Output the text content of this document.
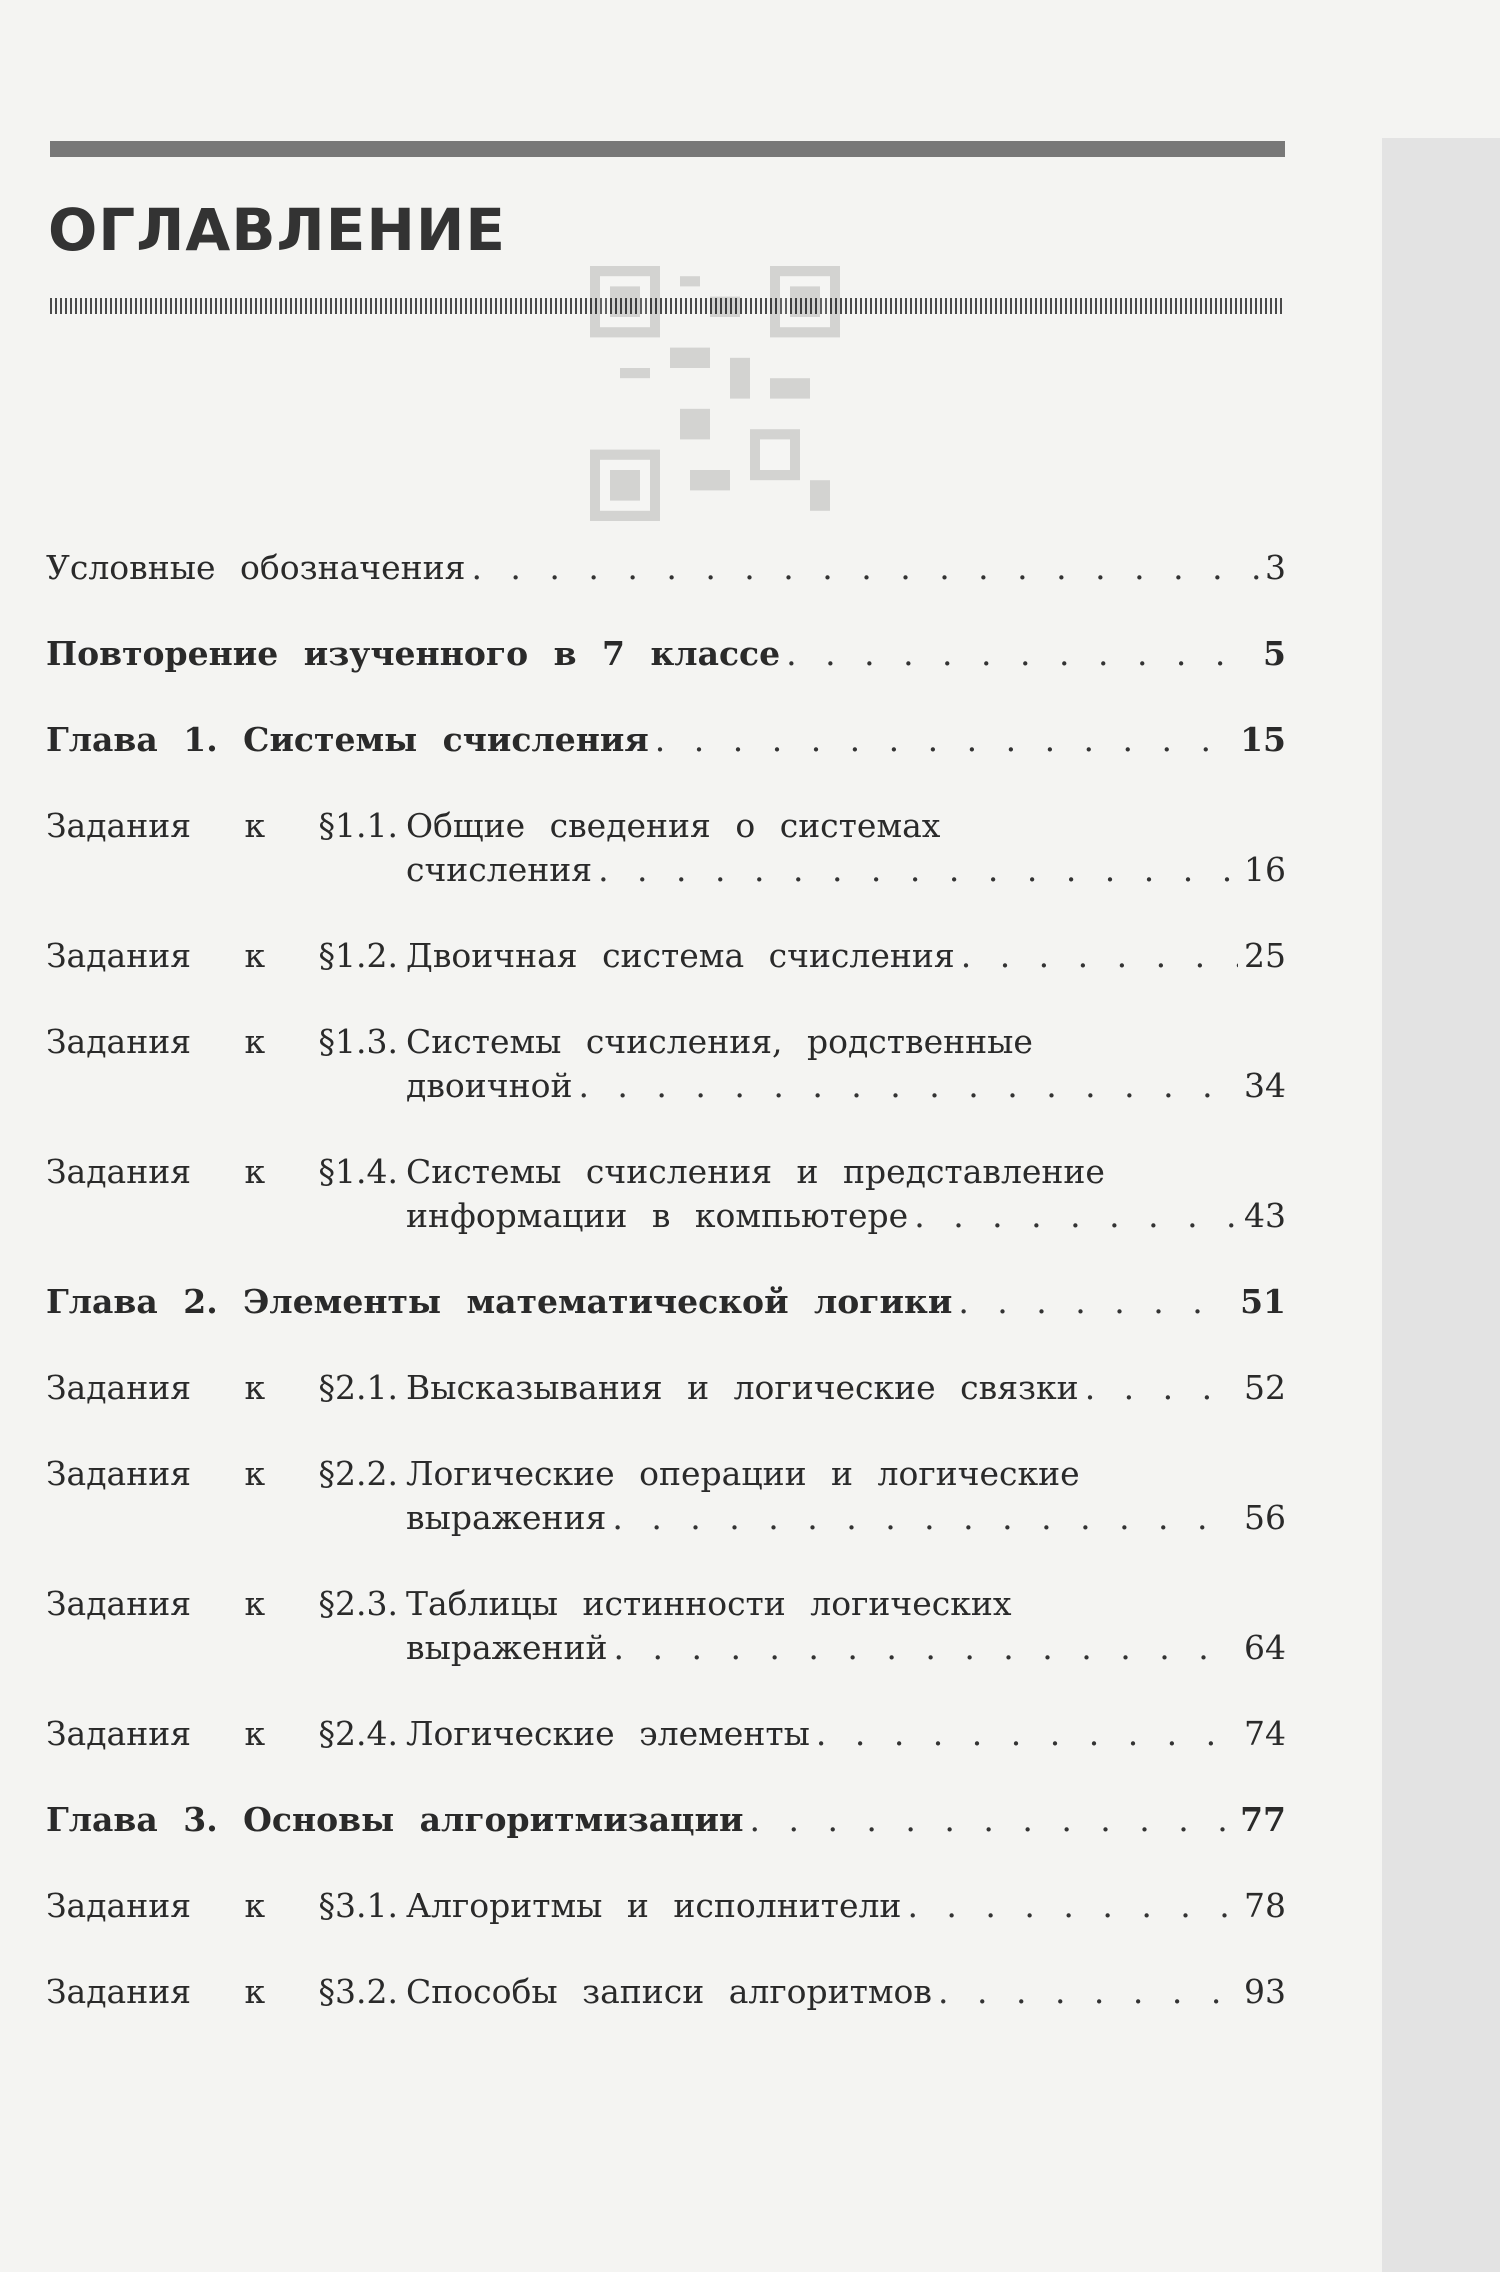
ОГЛАВЛЕНИЕ
Условные обозначения . . .	3
Повторение изученного в 7 классе . . .	5
Глава 1. Системы счисления . . .	15
Задания к §1.1. Общие сведения о системах
счисления . . .	16
Задания к §1.2. Двоичная система счисления . . .	25
Задания к §1.3. Системы счисления, родственные
двоичной . . .	34
Задания к §1.4. Системы счисления и представление
информации в компьютере . . .	43
Глава 2. Элементы математической логики . . .	51
Задания к §2.1. Высказывания и логические связки . . .	52
Задания к §2.2. Логические операции и логические
выражения . . .	56
Задания к §2.3. Таблицы истинности логических
выражений . . .	64
Задания к §2.4. Логические элементы . . .	74
Глава 3. Основы алгоритмизации . . .	77
Задания к §3.1. Алгоритмы и исполнители . . .	78
Задания к §3.2. Способы записи алгоритмов . . .	93
